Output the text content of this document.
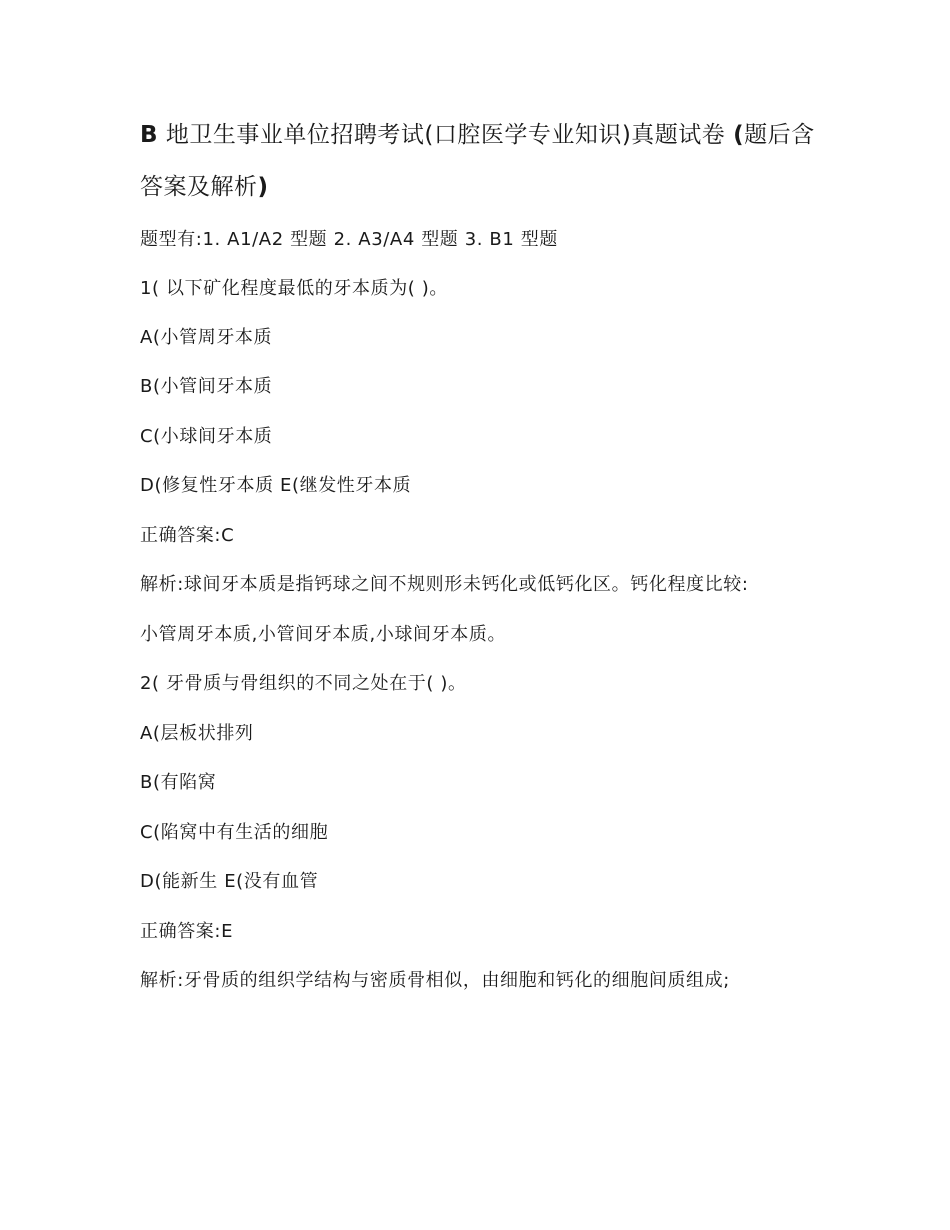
B 地卫生事业单位招聘考试(口腔医学专业知识)真题试卷 (题后含
答案及解析)

题型有:1. A1/A2 型题 2. A3/A4 型题 3. B1 型题

1( 以下矿化程度最低的牙本质为( )。

A(小管周牙本质

B(小管间牙本质

C(小球间牙本质

D(修复性牙本质 E(继发性牙本质

正确答案:C

解析:球间牙本质是指钙球之间不规则形未钙化或低钙化区。钙化程度比较:

小管周牙本质,小管间牙本质,小球间牙本质。

2( 牙骨质与骨组织的不同之处在于( )。

A(层板状排列

B(有陷窝

C(陷窝中有生活的细胞

D(能新生 E(没有血管

正确答案:E

解析:牙骨质的组织学结构与密质骨相似，由细胞和钙化的细胞间质组成;
